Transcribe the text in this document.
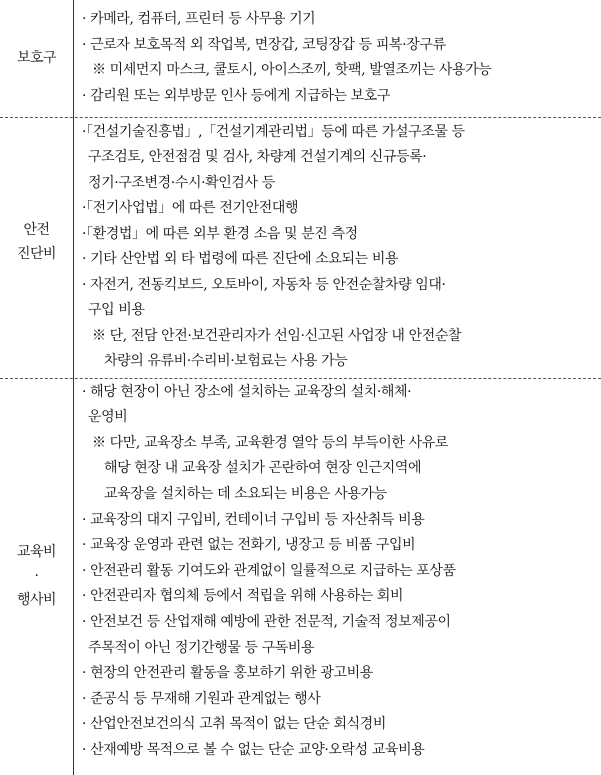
보호구
· 카메라, 컴퓨터, 프린터 등 사무용 기기
· 근로자 보호목적 외 작업복, 면장갑, 코팅장갑 등 피복·장구류
※ 미세먼지 마스크, 쿨토시, 아이스조끼, 핫팩, 발열조끼는 사용가능
· 감리원 또는 외부방문 인사 등에게 지급하는 보호구
안전
진단비
·「건설기술진흥법」,「건설기계관리법」등에 따른 가설구조물 등
구조검토, 안전점검 및 검사, 차량계 건설기계의 신규등록·
정기·구조변경·수시·확인검사 등
·「전기사업법」에 따른 전기안전대행
·「환경법」에 따른 외부 환경 소음 및 분진 측정
· 기타 산안법 외 타 법령에 따른 진단에 소요되는 비용
· 자전거, 전동킥보드, 오토바이, 자동차 등 안전순찰차량 임대·
구입 비용
※ 단, 전담 안전·보건관리자가 선임·신고된 사업장 내 안전순찰
차량의 유류비·수리비·보험료는 사용 가능
교육비
·
행사비
· 해당 현장이 아닌 장소에 설치하는 교육장의 설치·해체·
운영비
※ 다만, 교육장소 부족, 교육환경 열악 등의 부득이한 사유로
해당 현장 내 교육장 설치가 곤란하여 현장 인근지역에
교육장을 설치하는 데 소요되는 비용은 사용가능
· 교육장의 대지 구입비, 컨테이너 구입비 등 자산취득 비용
· 교육장 운영과 관련 없는 전화기, 냉장고 등 비품 구입비
· 안전관리 활동 기여도와 관계없이 일률적으로 지급하는 포상품
· 안전관리자 협의체 등에서 적립을 위해 사용하는 회비
· 안전보건 등 산업재해 예방에 관한 전문적, 기술적 정보제공이
주목적이 아닌 정기간행물 등 구독비용
· 현장의 안전관리 활동을 홍보하기 위한 광고비용
· 준공식 등 무재해 기원과 관계없는 행사
· 산업안전보건의식 고취 목적이 없는 단순 회식경비
· 산재예방 목적으로 볼 수 없는 단순 교양·오락성 교육비용
